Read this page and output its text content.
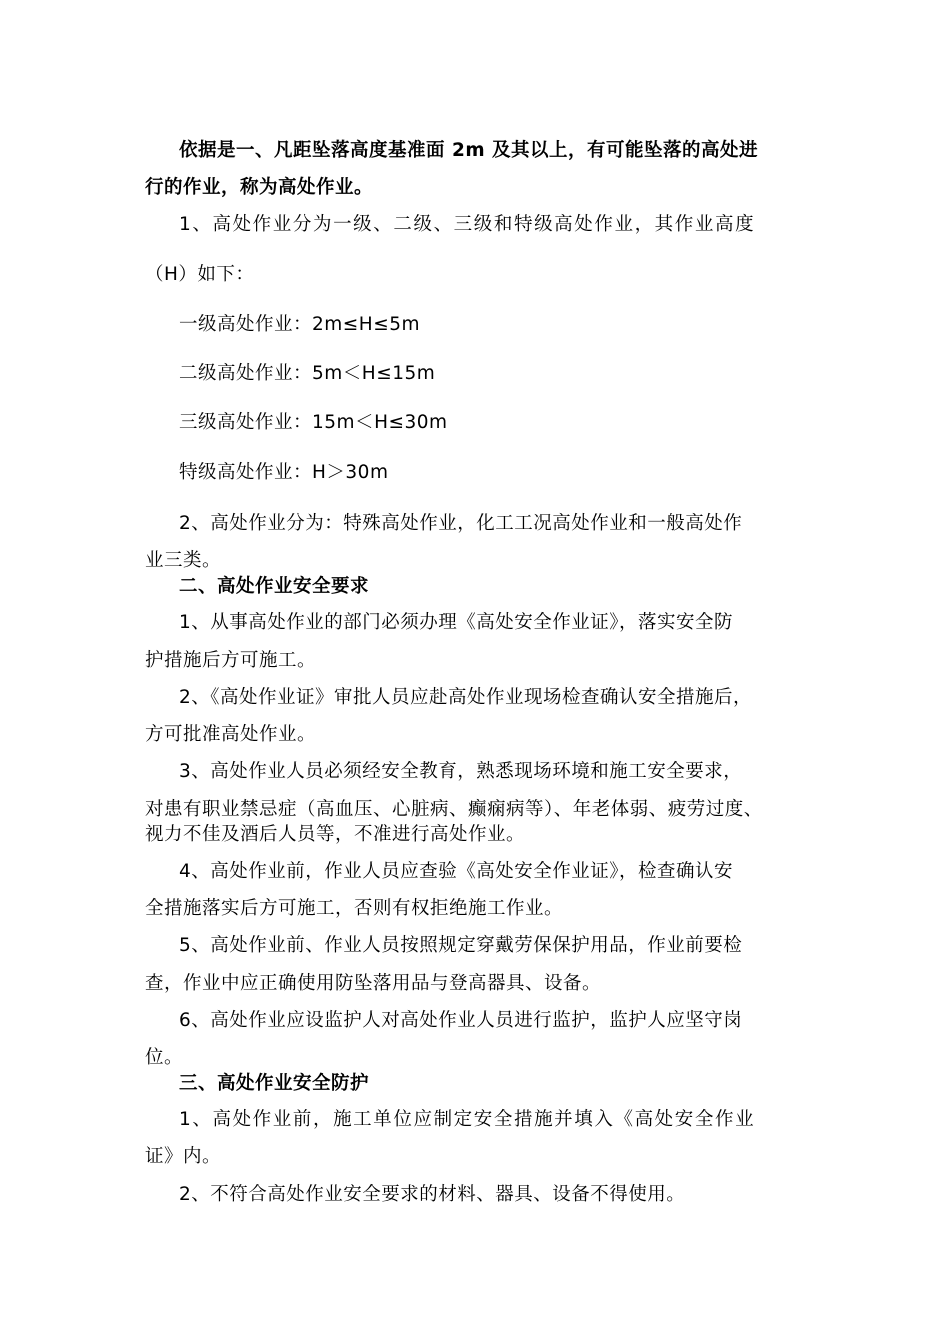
依据是一、凡距坠落高度基准面 2m 及其以上，有可能坠落的高处进
行的作业，称为高处作业。
1、高处作业分为一级、二级、三级和特级高处作业，其作业高度
（H）如下：
一级高处作业：2m≤H≤5m
二级高处作业：5m＜H≤15m
三级高处作业：15m＜H≤30m
特级高处作业：H＞30m
2、高处作业分为：特殊高处作业，化工工况高处作业和一般高处作
业三类。
二、高处作业安全要求
1、从事高处作业的部门必须办理《高处安全作业证》，落实安全防
护措施后方可施工。
2、《高处作业证》审批人员应赴高处作业现场检查确认安全措施后，
方可批准高处作业。
3、高处作业人员必须经安全教育，熟悉现场环境和施工安全要求，
对患有职业禁忌症（高血压、心脏病、癫痫病等）、年老体弱、疲劳过度、
视力不佳及酒后人员等，不准进行高处作业。
4、高处作业前，作业人员应查验《高处安全作业证》，检查确认安
全措施落实后方可施工，否则有权拒绝施工作业。
5、高处作业前、作业人员按照规定穿戴劳保保护用品，作业前要检
查，作业中应正确使用防坠落用品与登高器具、设备。
6、高处作业应设监护人对高处作业人员进行监护，监护人应坚守岗
位。
三、高处作业安全防护
1、高处作业前，施工单位应制定安全措施并填入《高处安全作业
证》内。
2、不符合高处作业安全要求的材料、器具、设备不得使用。
